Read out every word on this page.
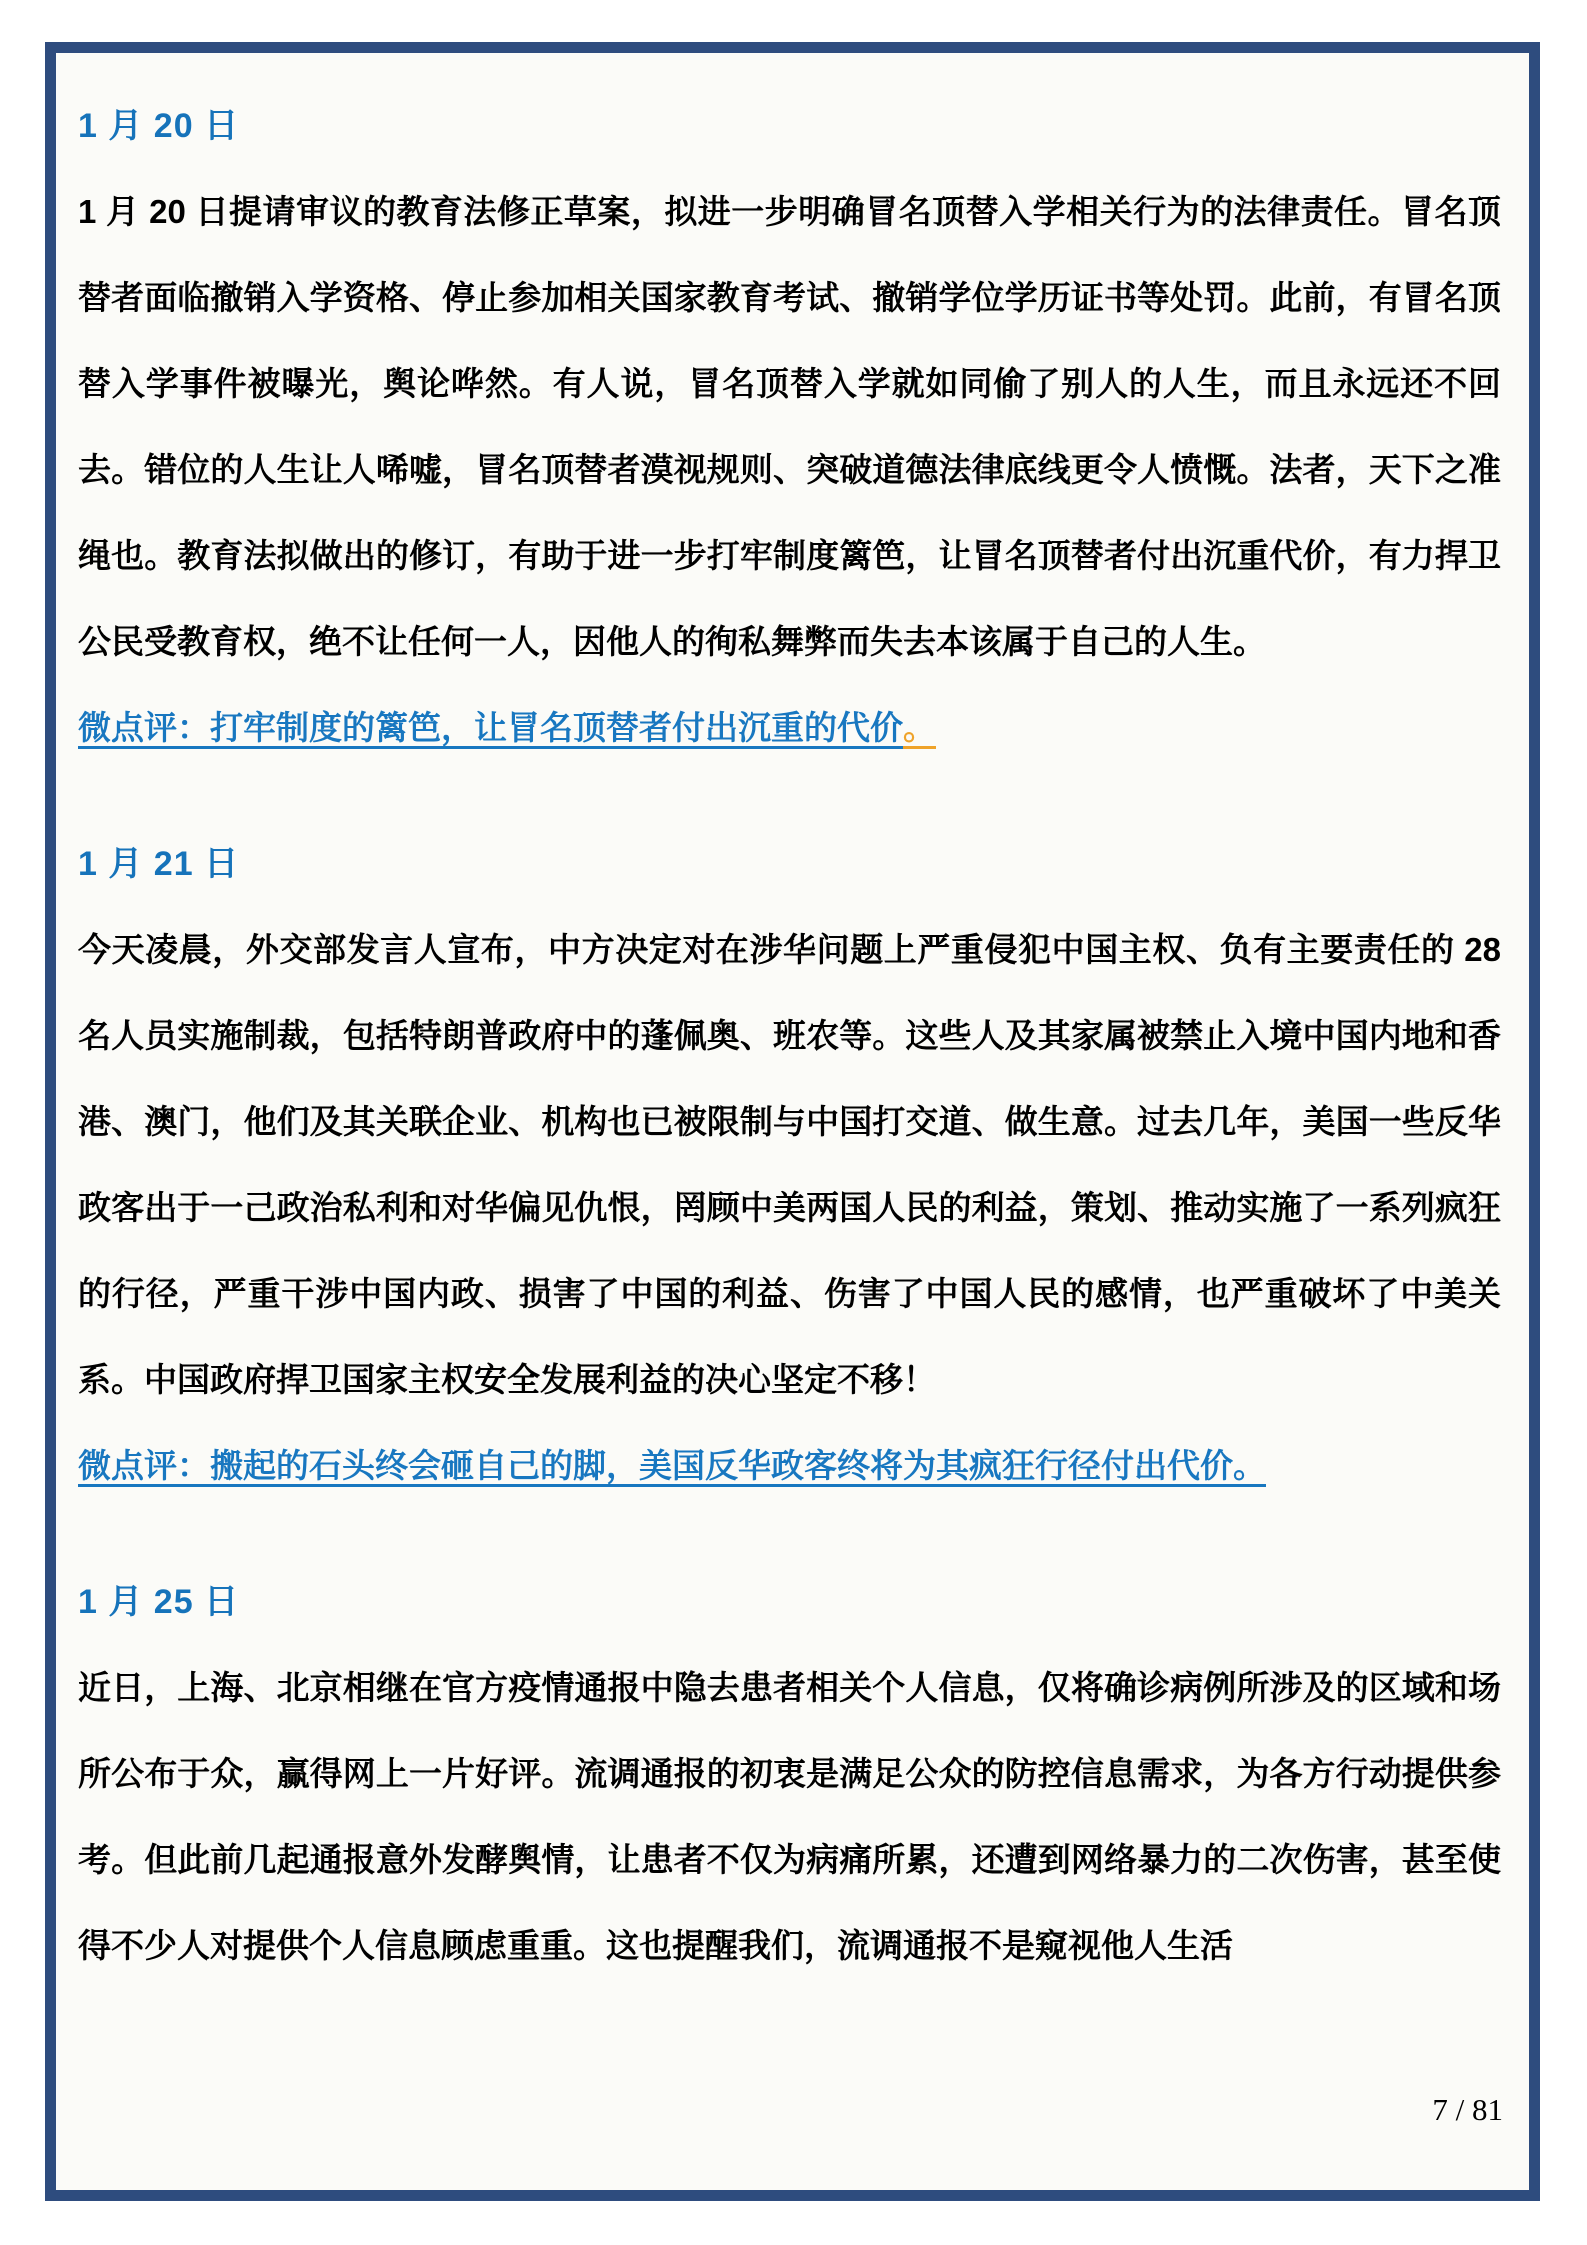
1 月 20 日

1 月 20 日提请审议的教育法修正草案，拟进一步明确冒名顶替入学相关行为的法律责任。冒名顶替者面临撤销入学资格、停止参加相关国家教育考试、撤销学位学历证书等处罚。此前，有冒名顶替入学事件被曝光，舆论哗然。有人说，冒名顶替入学就如同偷了别人的人生，而且永远还不回去。错位的人生让人唏嘘，冒名顶替者漠视规则、突破道德法律底线更令人愤慨。法者，天下之准绳也。教育法拟做出的修订，有助于进一步打牢制度篱笆，让冒名顶替者付出沉重代价，有力捍卫公民受教育权，绝不让任何一人，因他人的徇私舞弊而失去本该属于自己的人生。

微点评：打牢制度的篱笆，让冒名顶替者付出沉重的代价。

1 月 21 日

今天凌晨，外交部发言人宣布，中方决定对在涉华问题上严重侵犯中国主权、负有主要责任的 28 名人员实施制裁，包括特朗普政府中的蓬佩奥、班农等。这些人及其家属被禁止入境中国内地和香港、澳门，他们及其关联企业、机构也已被限制与中国打交道、做生意。过去几年，美国一些反华政客出于一己政治私利和对华偏见仇恨，罔顾中美两国人民的利益，策划、推动实施了一系列疯狂的行径，严重干涉中国内政、损害了中国的利益、伤害了中国人民的感情，也严重破坏了中美关系。中国政府捍卫国家主权安全发展利益的决心坚定不移！

微点评：搬起的石头终会砸自己的脚，美国反华政客终将为其疯狂行径付出代价。

1 月 25 日

近日，上海、北京相继在官方疫情通报中隐去患者相关个人信息，仅将确诊病例所涉及的区域和场所公布于众，赢得网上一片好评。流调通报的初衷是满足公众的防控信息需求，为各方行动提供参考。但此前几起通报意外发酵舆情，让患者不仅为病痛所累，还遭到网络暴力的二次伤害，甚至使得不少人对提供个人信息顾虑重重。这也提醒我们，流调通报不是窥视他人生活

7 / 81
